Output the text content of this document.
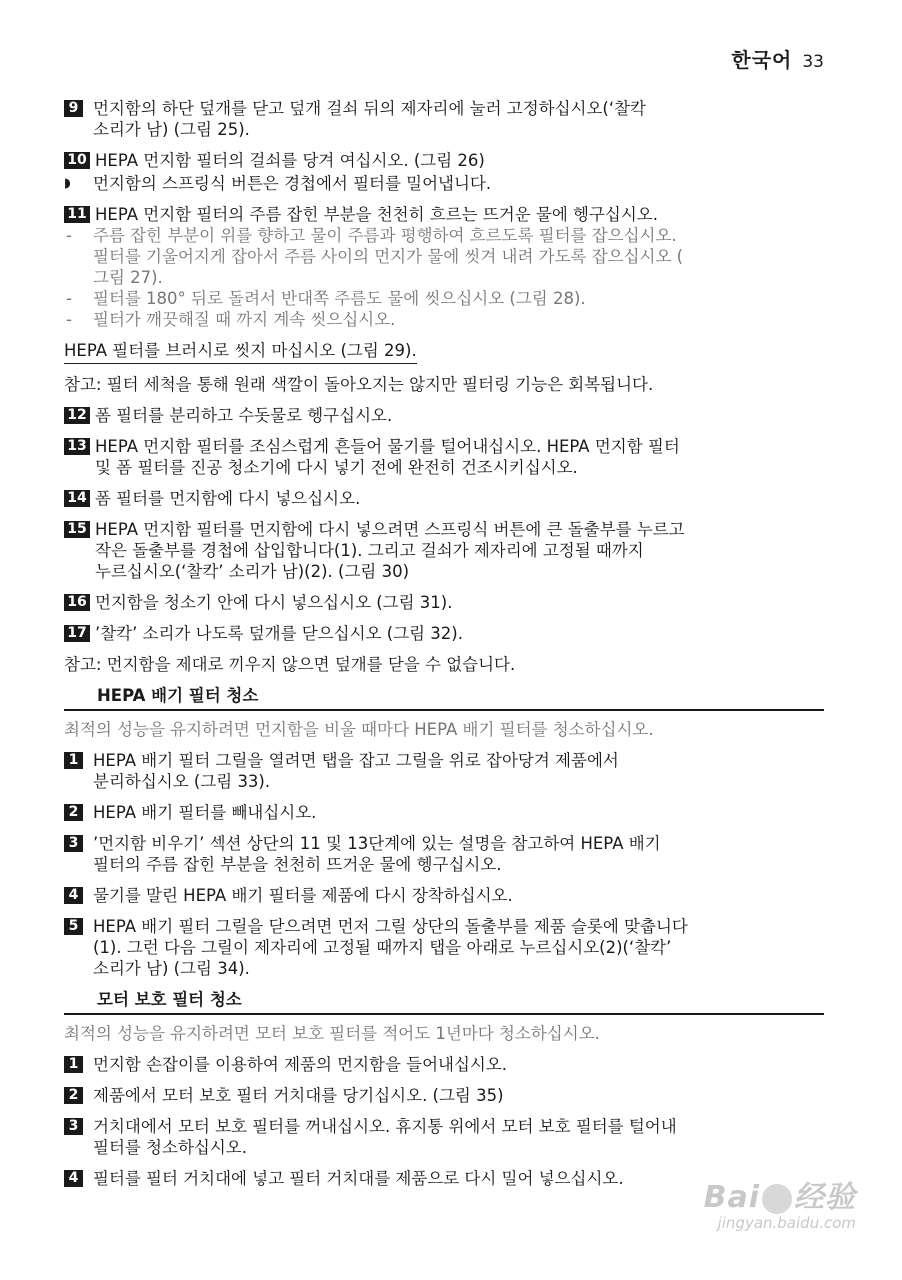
한국어 33
9 먼지함의 하단 덮개를 닫고 덮개 걸쇠 뒤의 제자리에 눌러 고정하십시오(‘찰칵
소리가 남) (그림 25).
10 HEPA 먼지함 필터의 걸쇠를 당겨 여십시오. (그림 26)
◗ 먼지함의 스프링식 버튼은 경첩에서 필터를 밀어냅니다.
11 HEPA 먼지함 필터의 주름 잡힌 부분을 천천히 흐르는 뜨거운 물에 헹구십시오.
- 주름 잡힌 부분이 위를 향하고 물이 주름과 평행하여 흐르도록 필터를 잡으십시오.
필터를 기울어지게 잡아서 주름 사이의 먼지가 물에 씻겨 내려 가도록 잡으십시오 (
그림 27).
- 필터를 180° 뒤로 돌려서 반대쪽 주름도 물에 씻으십시오 (그림 28).
- 필터가 깨끗해질 때 까지 계속 씻으십시오.
HEPA 필터를 브러시로 씻지 마십시오 (그림 29).
참고: 필터 세척을 통해 원래 색깔이 돌아오지는 않지만 필터링 기능은 회복됩니다.
12 폼 필터를 분리하고 수돗물로 헹구십시오.
13 HEPA 먼지함 필터를 조심스럽게 흔들어 물기를 털어내십시오. HEPA 먼지함 필터
및 폼 필터를 진공 청소기에 다시 넣기 전에 완전히 건조시키십시오.
14 폼 필터를 먼지함에 다시 넣으십시오.
15 HEPA 먼지함 필터를 먼지함에 다시 넣으려면 스프링식 버튼에 큰 돌출부를 누르고
작은 돌출부를 경첩에 삽입합니다(1). 그리고 걸쇠가 제자리에 고정될 때까지
누르십시오(‘찰칵’ 소리가 남)(2). (그림 30)
16 먼지함을 청소기 안에 다시 넣으십시오 (그림 31).
17 ’찰칵’ 소리가 나도록 덮개를 닫으십시오 (그림 32).
참고: 먼지함을 제대로 끼우지 않으면 덮개를 닫을 수 없습니다.
HEPA 배기 필터 청소
최적의 성능을 유지하려면 먼지함을 비울 때마다 HEPA 배기 필터를 청소하십시오.
1 HEPA 배기 필터 그릴을 열려면 탭을 잡고 그릴을 위로 잡아당겨 제품에서
분리하십시오 (그림 33).
2 HEPA 배기 필터를 빼내십시오.
3 ’먼지함 비우기’ 섹션 상단의 11 및 13단계에 있는 설명을 참고하여 HEPA 배기
필터의 주름 잡힌 부분을 천천히 뜨거운 물에 헹구십시오.
4 물기를 말린 HEPA 배기 필터를 제품에 다시 장착하십시오.
5 HEPA 배기 필터 그릴을 닫으려면 먼저 그릴 상단의 돌출부를 제품 슬롯에 맞춥니다
(1). 그런 다음 그릴이 제자리에 고정될 때까지 탭을 아래로 누르십시오(2)(‘찰칵’
소리가 남) (그림 34).
모터 보호 필터 청소
최적의 성능을 유지하려면 모터 보호 필터를 적어도 1년마다 청소하십시오.
1 먼지함 손잡이를 이용하여 제품의 먼지함을 들어내십시오.
2 제품에서 모터 보호 필터 거치대를 당기십시오. (그림 35)
3 거치대에서 모터 보호 필터를 꺼내십시오. 휴지통 위에서 모터 보호 필터를 털어내
필터를 청소하십시오.
4 필터를 필터 거치대에 넣고 필터 거치대를 제품으로 다시 밀어 넣으십시오.
Bai 经验
jingyan.baidu.com
